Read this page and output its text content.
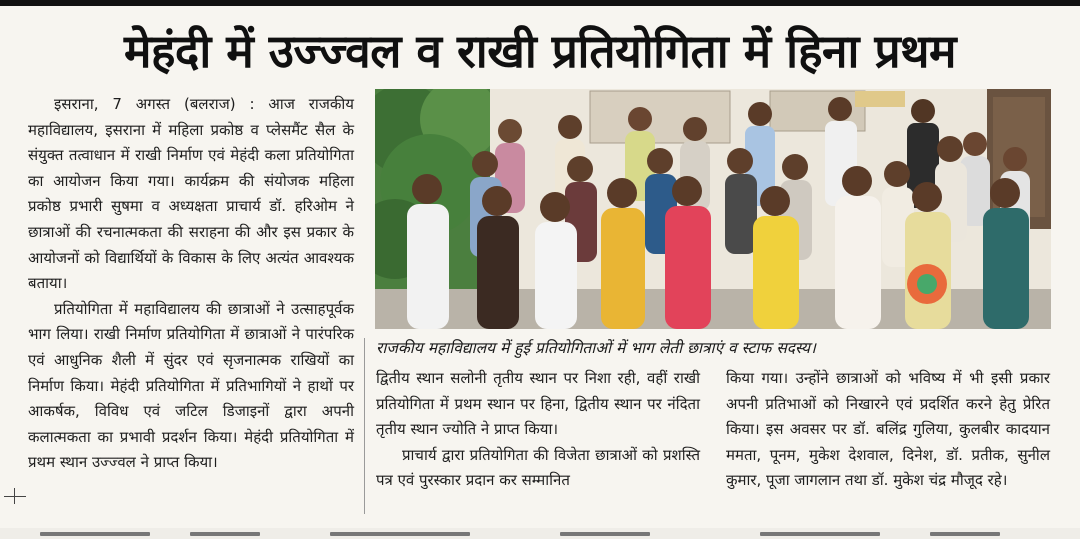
मेहंदी में उज्ज्वल व राखी प्रतियोगिता में हिना प्रथम

इसराना, 7 अगस्त (बलराज) : आज राजकीय महाविद्यालय, इसराना में महिला प्रकोष्ठ व प्लेसमैंट सैल के संयुक्त तत्वाधान में राखी निर्माण एवं मेहंदी कला प्रतियोगिता का आयोजन किया गया। कार्यक्रम की संयोजक महिला प्रकोष्ठ प्रभारी सुषमा व अध्यक्षता प्राचार्य डॉ. हरिओम ने छात्राओं की रचनात्मकता की सराहना की और इस प्रकार के आयोजनों को विद्यार्थियों के विकास के लिए अत्यंत आवश्यक बताया।

प्रतियोगिता में महाविद्यालय की छात्राओं ने उत्साहपूर्वक भाग लिया। राखी निर्माण प्रतियोगिता में छात्राओं ने पारंपरिक एवं आधुनिक शैली में सुंदर एवं सृजनात्मक राखियों का निर्माण किया। मेहंदी प्रतियोगिता में प्रतिभागियों ने हाथों पर आकर्षक, विविध एवं जटिल डिजाइनों द्वारा अपनी कलात्मकता का प्रभावी प्रदर्शन किया। मेहंदी प्रतियोगिता में प्रथम स्थान उज्ज्वल ने प्राप्त किया।

राजकीय महाविद्यालय में हुई प्रतियोगिताओं में भाग लेती छात्राएं व स्टाफ सदस्य।

द्वितीय स्थान सलोनी तृतीय स्थान पर निशा रही, वहीं राखी प्रतियोगिता में प्रथम स्थान पर हिना, द्वितीय स्थान पर नंदिता तृतीय स्थान ज्योति ने प्राप्त किया।

प्राचार्य द्वारा प्रतियोगिता की विजेता छात्राओं को प्रशस्ति पत्र एवं पुरस्कार प्रदान कर सम्मानित

किया गया। उन्होंने छात्राओं को भविष्य में भी इसी प्रकार अपनी प्रतिभाओं को निखारने एवं प्रदर्शित करने हेतु प्रेरित किया। इस अवसर पर डॉ. बलिंद्र गुलिया, कुलबीर कादयान ममता, पूनम, मुकेश देशवाल, दिनेश, डॉ. प्रतीक, सुनील कुमार, पूजा जागलान तथा डॉ. मुकेश चंद्र मौजूद रहे।
